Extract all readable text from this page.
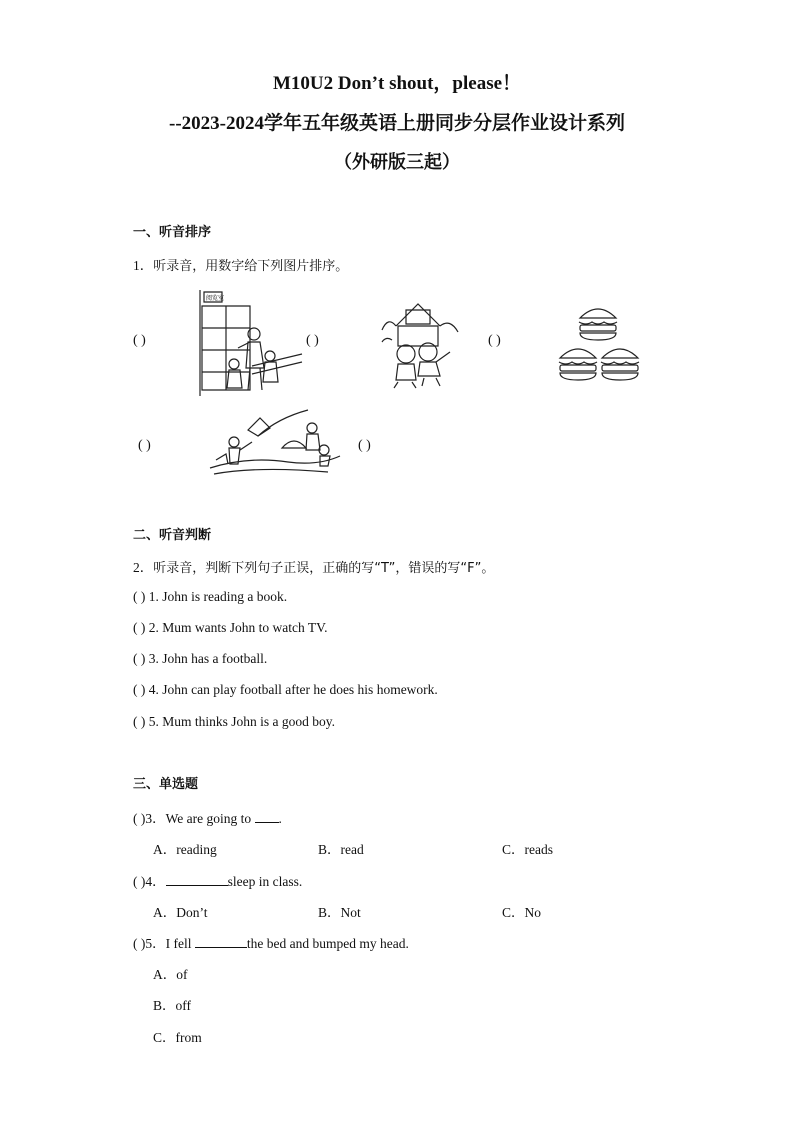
M10U2 Don’t shout，please！
--2023-2024学年五年级英语上册同步分层作业设计系列
（外研版三起）
一、听音排序
1．听录音，用数字给下列图片排序。
( )
阅览室
( )	( )
( )	( )
二、听音判断
2．听录音，判断下列句子正误，正确的写“T”，错误的写“F”。
( ) 1. John is reading a book.
( ) 2. Mum wants John to watch TV.
( ) 3. John has a football.
( ) 4. John can play football after he does his homework.
( ) 5. Mum thinks John is a good boy.
三、单选题
( )3．We are going to .
A．reading	B．read	C．reads
( )4．	sleep in class.
A．Don’t	B．Not	C．No
( )5．I fell	the bed and bumped my head.
A．of
B．off
C．from
